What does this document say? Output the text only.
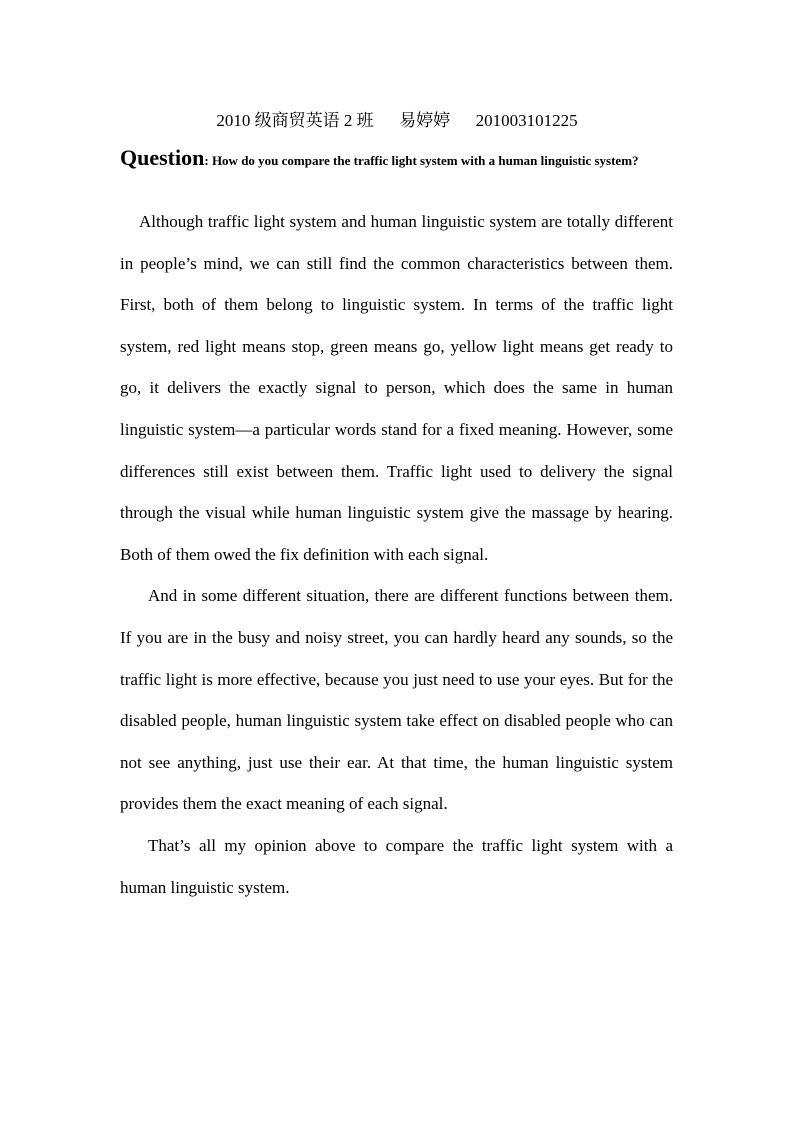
2010 级商贸英语 2 班      易婷婷      201003101225
Question: How do you compare the traffic light system with a human linguistic system?

Although traffic light system and human linguistic system are totally different in people’s mind, we can still find the common characteristics between them. First, both of them belong to linguistic system. In terms of the traffic light system, red light means stop, green means go, yellow light means get ready to go, it delivers the exactly signal to person, which does the same in human linguistic system—a particular words stand for a fixed meaning. However, some differences still exist between them. Traffic light used to delivery the signal through the visual while human linguistic system give the massage by hearing. Both of them owed the fix definition with each signal.

And in some different situation, there are different functions between them. If you are in the busy and noisy street, you can hardly heard any sounds, so the traffic light is more effective, because you just need to use your eyes. But for the disabled people, human linguistic system take effect on disabled people who can not see anything, just use their ear. At that time, the human linguistic system provides them the exact meaning of each signal.

That’s all my opinion above to compare the traffic light system with a human linguistic system.
